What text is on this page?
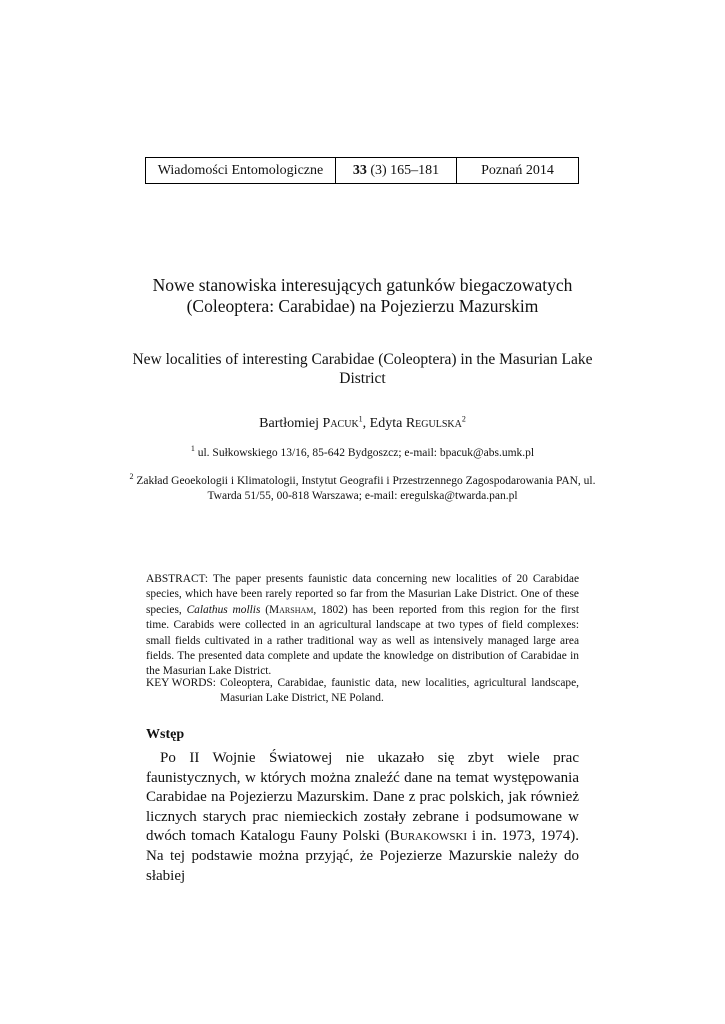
Wiadomości Entomologiczne	33 (3) 165–181	Poznań 2014
Nowe stanowiska interesujących gatunków biegaczowatych (Coleoptera: Carabidae) na Pojezierzu Mazurskim
New localities of interesting Carabidae (Coleoptera) in the Masurian Lake District
Bartłomiej Pacuk$^1$, Edyta Regulska$^2$
$^1$ ul. Sułkowskiego 13/16, 85-642 Bydgoszcz; e-mail: bpacuk@abs.umk.pl
$^2$ Zakład Geoekologii i Klimatologii, Instytut Geografii i Przestrzennego Zagospodarowania PAN, ul. Twarda 51/55, 00-818 Warszawa; e-mail: eregulska@twarda.pan.pl

ABSTRACT: The paper presents faunistic data concerning new localities of 20 Carabidae species, which have been rarely reported so far from the Masurian Lake District. One of these species, Calathus mollis (Marsham, 1802) has been reported from this region for the first time. Carabids were collected in an agricultural landscape at two types of field complexes: small fields cultivated in a rather traditional way as well as intensively managed large area fields. The presented data complete and update the knowledge on distribution of Carabidae in the Masurian Lake District.

KEY WORDS: Coleoptera, Carabidae, faunistic data, new localities, agricultural landscape, Masurian Lake District, NE Poland.
Wstęp

Po II Wojnie Światowej nie ukazało się zbyt wiele prac faunistycznych, w których można znaleźć dane na temat występowania Carabidae na Pojezierzu Mazurskim. Dane z prac polskich, jak również licznych starych prac niemieckich zostały zebrane i podsumowane w dwóch tomach Katalogu Fauny Polski (Burakowski i in. 1973, 1974). Na tej podstawie można przyjąć, że Pojezierze Mazurskie należy do słabiej
